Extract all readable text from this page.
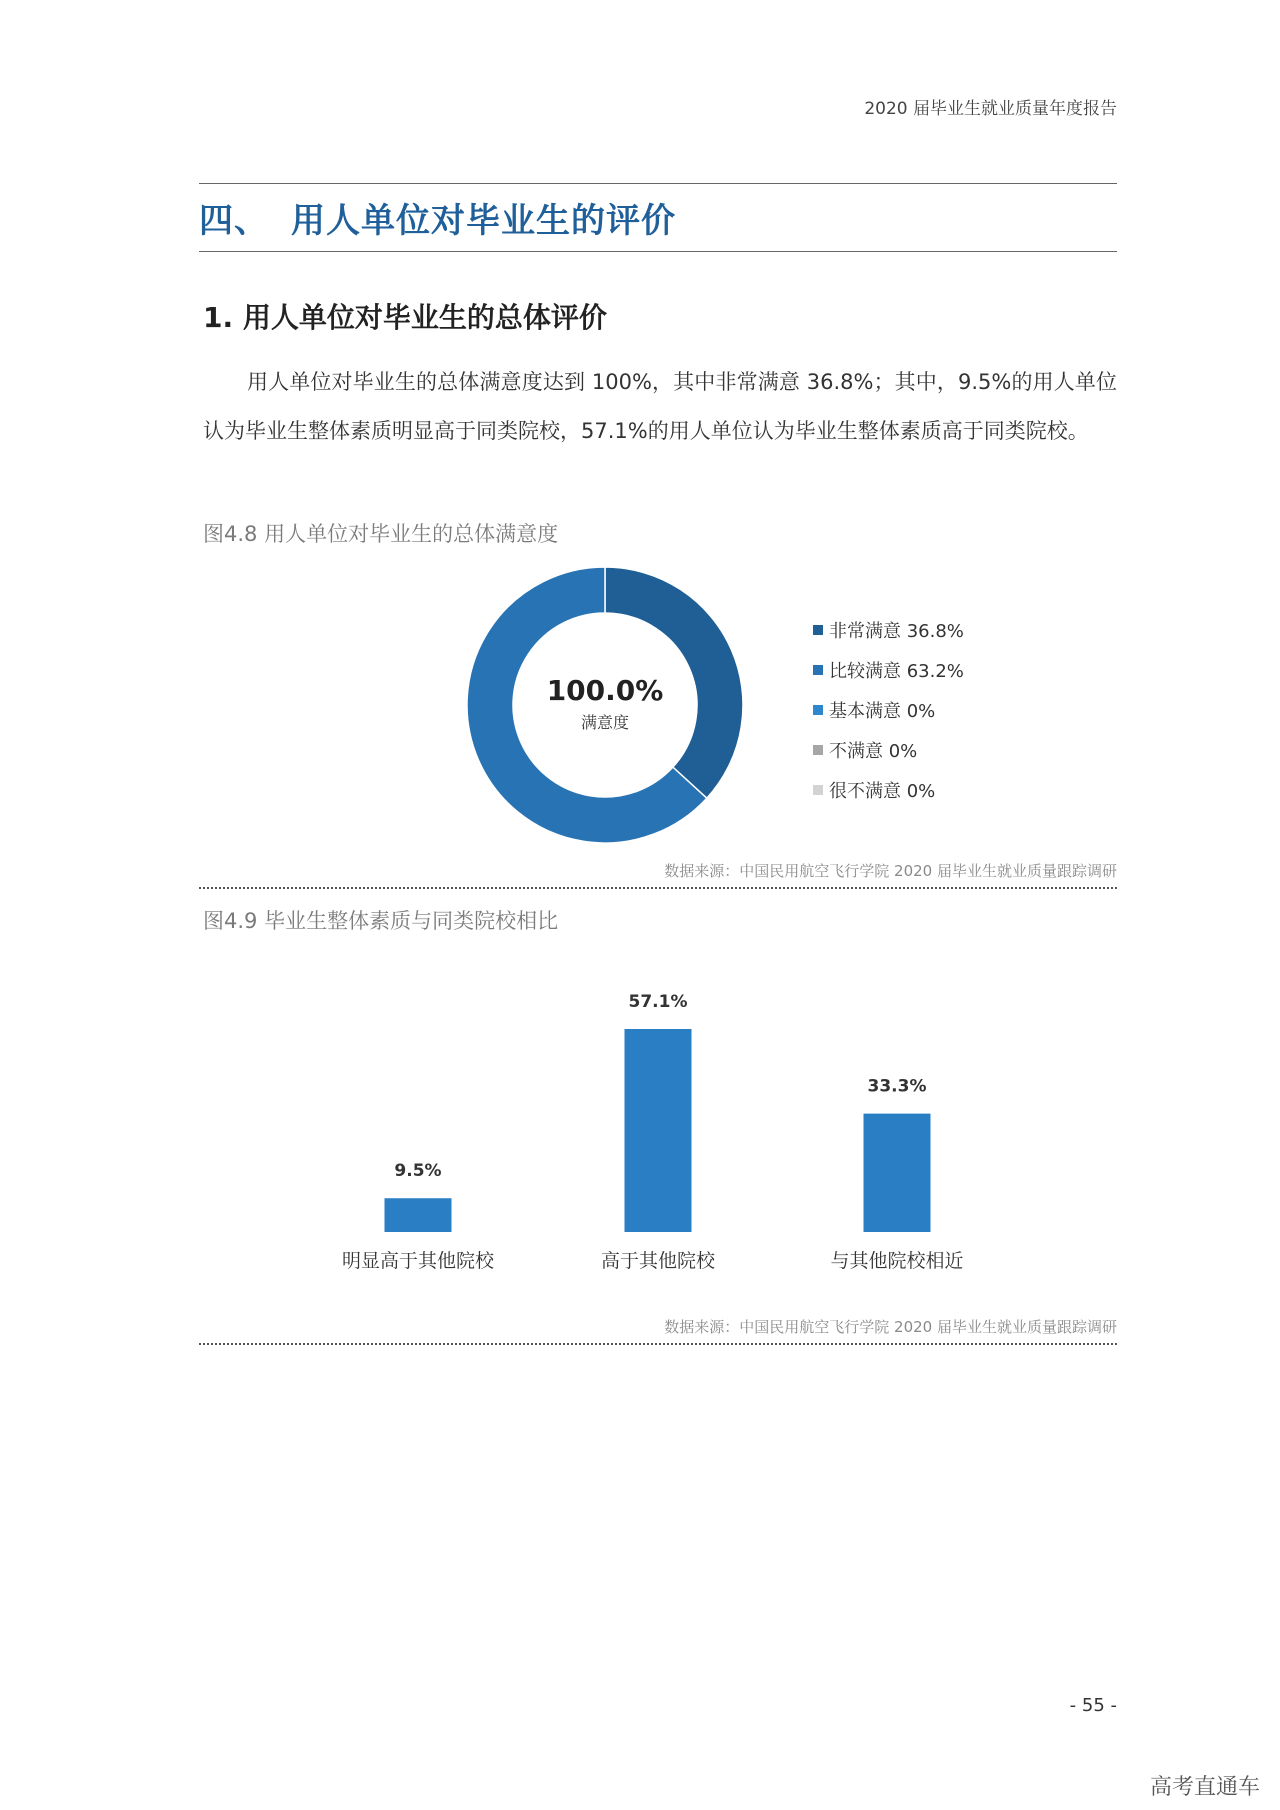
2020 届毕业生就业质量年度报告
四、 用人单位对毕业生的评价
1. 用人单位对毕业生的总体评价

用人单位对毕业生的总体满意度达到 100%，其中非常满意 36.8%；其中，9.5%的用人单位认为毕业生整体素质明显高于同类院校，57.1%的用人单位认为毕业生整体素质高于同类院校。

图4.8 用人单位对毕业生的总体满意度

100.0%
满意度
非常满意 36.8%
比较满意 63.2%
基本满意 0%
不满意 0%
很不满意 0%
数据来源：中国民用航空飞行学院 2020 届毕业生就业质量跟踪调研

图4.9 毕业生整体素质与同类院校相比

9.5%
明显高于其他院校
57.1%
高于其他院校
33.3%
与其他院校相近
数据来源：中国民用航空飞行学院 2020 届毕业生就业质量跟踪调研
- 55 -
高考直通车
